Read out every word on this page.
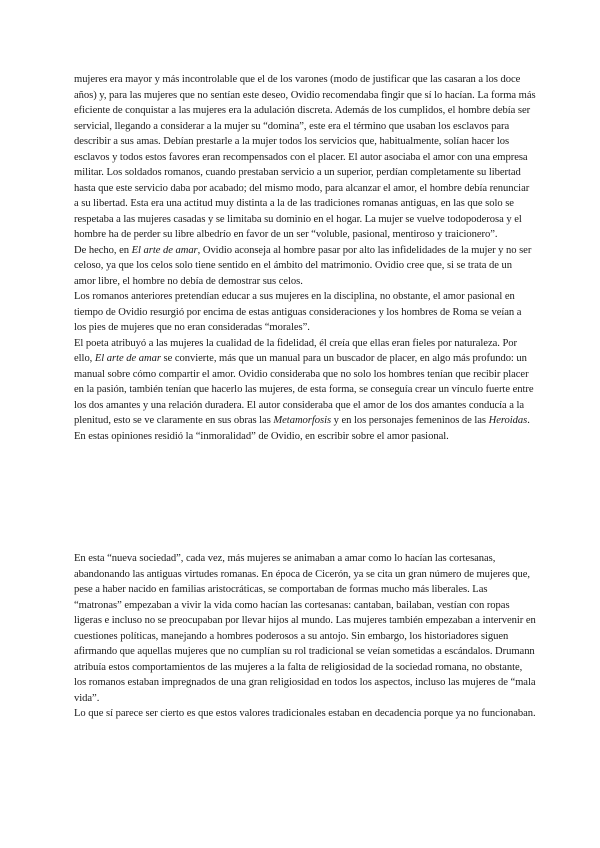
mujeres era mayor y más incontrolable que el de los varones (modo de justificar que las casaran a los doce años) y, para las mujeres que no sentían este deseo, Ovidio recomendaba fingir que sí lo hacían. La forma más eficiente de conquistar a las mujeres era la adulación discreta. Además de los cumplidos, el hombre debía ser servicial, llegando a considerar a la mujer su “domina”, este era el término que usaban los esclavos para describir a sus amas. Debían prestarle a la mujer todos los servicios que, habitualmente, solían hacer los esclavos y todos estos favores eran recompensados con el placer. El autor asociaba el amor con una empresa militar. Los soldados romanos, cuando prestaban servicio a un superior, perdían completamente su libertad hasta que este servicio daba por acabado; del mismo modo, para alcanzar el amor, el hombre debía renunciar a su libertad. Esta era una actitud muy distinta a la de las tradiciones romanas antiguas, en las que solo se respetaba a las mujeres casadas y se limitaba su dominio en el hogar. La mujer se vuelve todopoderosa y el hombre ha de perder su libre albedrío en favor de un ser “voluble, pasional, mentiroso y traicionero”.

De hecho, en El arte de amar, Ovidio aconseja al hombre pasar por alto las infidelidades de la mujer y no ser celoso, ya que los celos solo tiene sentido en el ámbito del matrimonio. Ovidio cree que, si se trata de un amor libre, el hombre no debía de demostrar sus celos.

Los romanos anteriores pretendían educar a sus mujeres en la disciplina, no obstante, el amor pasional en tiempo de Ovidio resurgió por encima de estas antiguas consideraciones y los hombres de Roma se veían a los pies de mujeres que no eran consideradas “morales”.

El poeta atribuyó a las mujeres la cualidad de la fidelidad, él creía que ellas eran fieles por naturaleza. Por ello, El arte de amar se convierte, más que un manual para un buscador de placer, en algo más profundo: un manual sobre cómo compartir el amor. Ovidio consideraba que no solo los hombres tenían que recibir placer en la pasión, también tenían que hacerlo las mujeres, de esta forma, se conseguía crear un vínculo fuerte entre los dos amantes y una relación duradera. El autor consideraba que el amor de los dos amantes conducía a la plenitud, esto se ve claramente en sus obras las Metamorfosis y en los personajes femeninos de las Heroidas.

En estas opiniones residió la “inmoralidad” de Ovidio, en escribir sobre el amor pasional.

En esta “nueva sociedad”, cada vez, más mujeres se animaban a amar como lo hacían las cortesanas, abandonando las antiguas virtudes romanas. En época de Cicerón, ya se cita un gran número de mujeres que, pese a haber nacido en familias aristocráticas, se comportaban de formas mucho más liberales. Las “matronas” empezaban a vivir la vida como hacían las cortesanas: cantaban, bailaban, vestían con ropas ligeras e incluso no se preocupaban por llevar hijos al mundo. Las mujeres también empezaban a intervenir en cuestiones políticas, manejando a hombres poderosos a su antojo. Sin embargo, los historiadores siguen afirmando que aquellas mujeres que no cumplían su rol tradicional se veían sometidas a escándalos. Drumann atribuía estos comportamientos de las mujeres a la falta de religiosidad de la sociedad romana, no obstante, los romanos estaban impregnados de una gran religiosidad en todos los aspectos, incluso las mujeres de “mala vida”.

Lo que sí parece ser cierto es que estos valores tradicionales estaban en decadencia porque ya no funcionaban.
